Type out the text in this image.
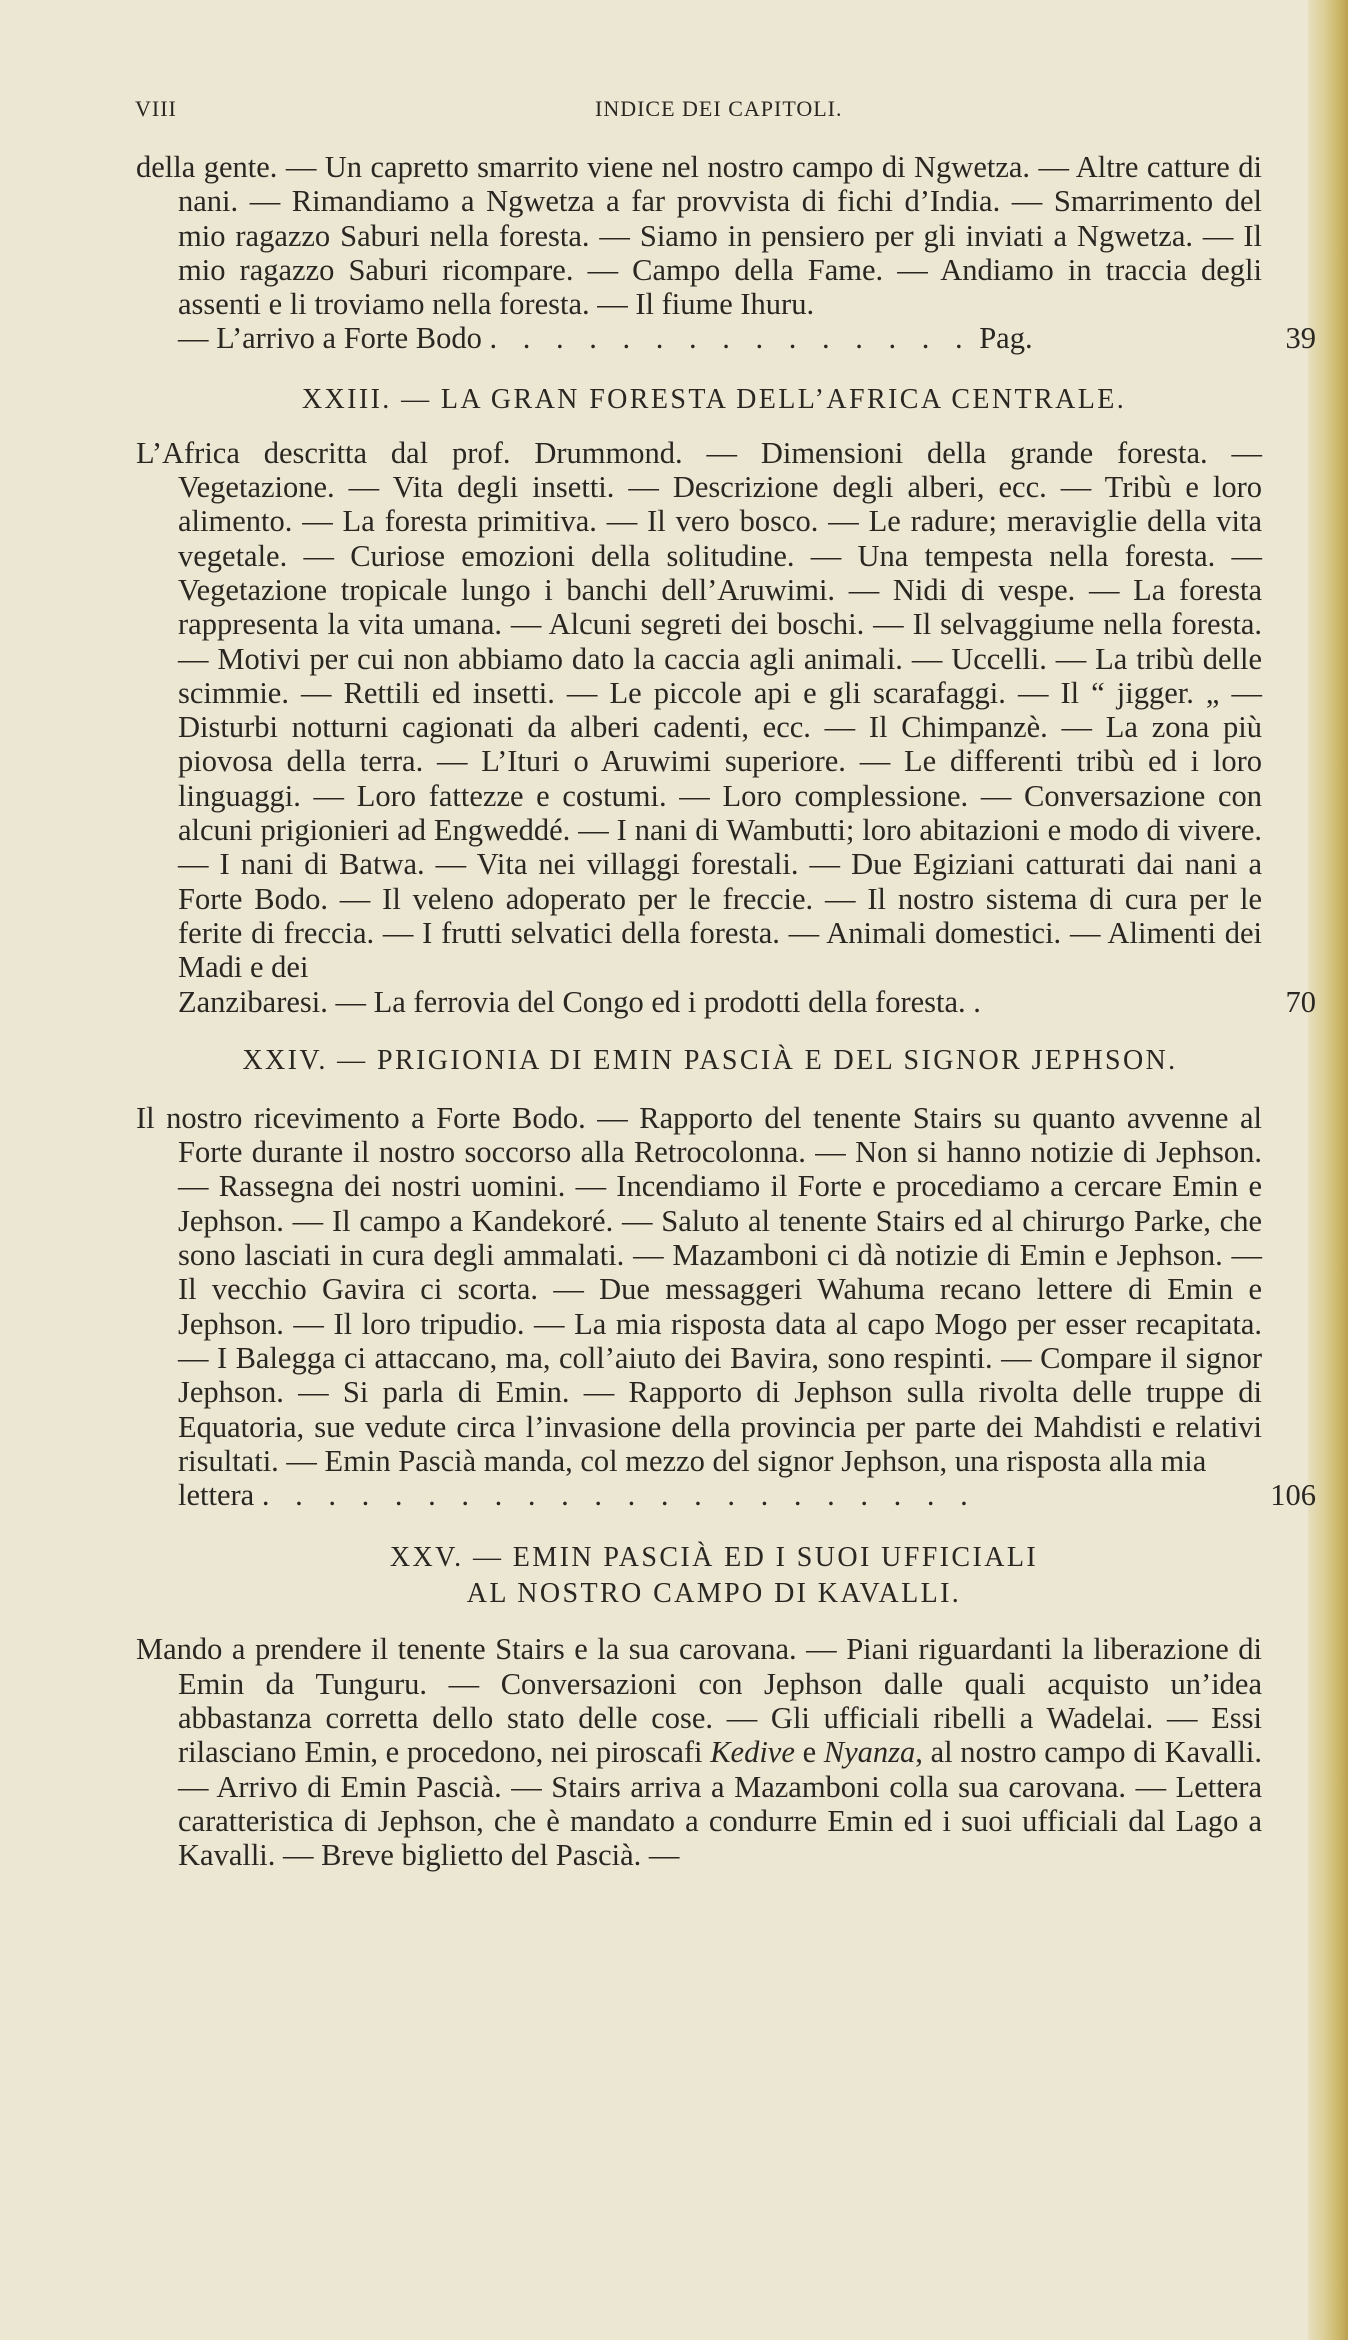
VIII	INDICE DEI CAPITOLI.

della gente. — Un capretto smarrito viene nel nostro campo di Ngwetza. — Altre catture di nani. — Rimandiamo a Ngwetza a far provvista di fichi d’India. — Smarrimento del mio ragazzo Saburi nella foresta. — Siamo in pensiero per gli inviati a Ngwetza. — Il mio ragazzo Saburi ricompare. — Campo della Fame. — Andiamo in traccia degli assenti e li troviamo nella foresta. — Il fiume Ihuru.
— L’arrivo a Forte Bodo . . . . . . . . . . . . . . . Pag.	39

XXIII. — LA GRAN FORESTA DELL’AFRICA CENTRALE.

L’Africa descritta dal prof. Drummond. — Dimensioni della grande foresta. — Vegetazione. — Vita degli insetti. — Descrizione degli alberi, ecc. — Tribù e loro alimento. — La foresta primitiva. — Il vero bosco. — Le radure; meraviglie della vita vegetale. — Curiose emozioni della solitudine. — Una tempesta nella foresta. — Vegetazione tropicale lungo i banchi dell’Aruwimi. — Nidi di vespe. — La foresta rappresenta la vita umana. — Alcuni segreti dei boschi. — Il selvaggiume nella foresta. — Motivi per cui non abbiamo dato la caccia agli animali. — Uccelli. — La tribù delle scimmie. — Rettili ed insetti. — Le piccole api e gli scarafaggi. — Il “ jigger. „ — Disturbi notturni cagionati da alberi cadenti, ecc. — Il Chimpanzè. — La zona più piovosa della terra. — L’Ituri o Aruwimi superiore. — Le differenti tribù ed i loro linguaggi. — Loro fattezze e costumi. — Loro complessione. — Conversazione con alcuni prigionieri ad Engweddé. — I nani di Wambutti; loro abitazioni e modo di vivere. — I nani di Batwa. — Vita nei villaggi forestali. — Due Egiziani catturati dai nani a Forte Bodo. — Il veleno adoperato per le freccie. — Il nostro sistema di cura per le ferite di freccia. — I frutti selvatici della foresta. — Animali domestici. — Alimenti dei Madi e dei
Zanzibaresi. — La ferrovia del Congo ed i prodotti della foresta. .	70

XXIV. — PRIGIONIA DI EMIN PASCIÀ E DEL SIGNOR JEPHSON.

Il nostro ricevimento a Forte Bodo. — Rapporto del tenente Stairs su quanto avvenne al Forte durante il nostro soccorso alla Retrocolonna. — Non si hanno notizie di Jephson. — Rassegna dei nostri uomini. — Incendiamo il Forte e procediamo a cercare Emin e Jephson. — Il campo a Kandekoré. — Saluto al tenente Stairs ed al chirurgo Parke, che sono lasciati in cura degli ammalati. — Mazamboni ci dà notizie di Emin e Jephson. — Il vecchio Gavira ci scorta. — Due messaggeri Wahuma recano lettere di Emin e Jephson. — Il loro tripudio. — La mia risposta data al capo Mogo per esser recapitata. — I Balegga ci attaccano, ma, coll’aiuto dei Bavira, sono respinti. — Compare il signor Jephson. — Si parla di Emin. — Rapporto di Jephson sulla rivolta delle truppe di Equatoria, sue vedute circa l’invasione della provincia per parte dei Mahdisti e relativi risultati. — Emin Pascià manda, col mezzo del signor Jephson, una risposta alla mia
lettera . . . . . . . . . . . . . . . . . . . . . .	106

XXV. — EMIN PASCIÀ ED I SUOI UFFICIALI
AL NOSTRO CAMPO DI KAVALLI.

Mando a prendere il tenente Stairs e la sua carovana. — Piani riguardanti la liberazione di Emin da Tunguru. — Conversazioni con Jephson dalle quali acquisto un’idea abbastanza corretta dello stato delle cose. — Gli ufficiali ribelli a Wadelai. — Essi rilasciano Emin, e procedono, nei piroscafi Kedive e Nyanza, al nostro campo di Kavalli. — Arrivo di Emin Pascià. — Stairs arriva a Mazamboni colla sua carovana. — Lettera caratteristica di Jephson, che è mandato a condurre Emin ed i suoi ufficiali dal Lago a Kavalli. — Breve biglietto del Pascià. —
